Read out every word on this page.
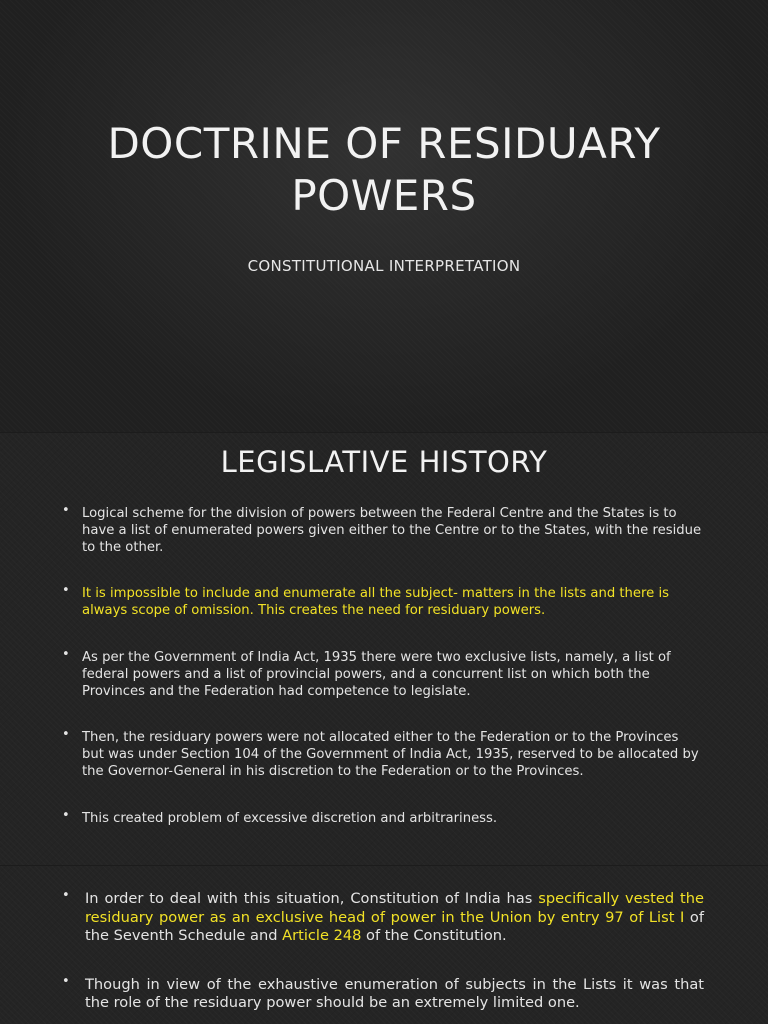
DOCTRINE OF RESIDUARY
POWERS
CONSTITUTIONAL INTERPRETATION
LEGISLATIVE HISTORY
• Logical scheme for the division of powers between the Federal Centre and the States is to have a list of enumerated powers given either to the Centre or to the States, with the residue to the other.
• It is impossible to include and enumerate all the subject- matters in the lists and there is always scope of omission. This creates the need for residuary powers.
• As per the Government of India Act, 1935 there were two exclusive lists, namely, a list of federal powers and a list of provincial powers, and a concurrent list on which both the Provinces and the Federation had competence to legislate.
• Then, the residuary powers were not allocated either to the Federation or to the Provinces but was under Section 104 of the Government of India Act, 1935, reserved to be allocated by the Governor-General in his discretion to the Federation or to the Provinces.
• This created problem of excessive discretion and arbitrariness.
• In order to deal with this situation, Constitution of India has specifically vested the residuary power as an exclusive head of power in the Union by entry 97 of List I of the Seventh Schedule and Article 248 of the Constitution.
• Though in view of the exhaustive enumeration of subjects in the Lists it was that the role of the residuary power should be an extremely limited one.
